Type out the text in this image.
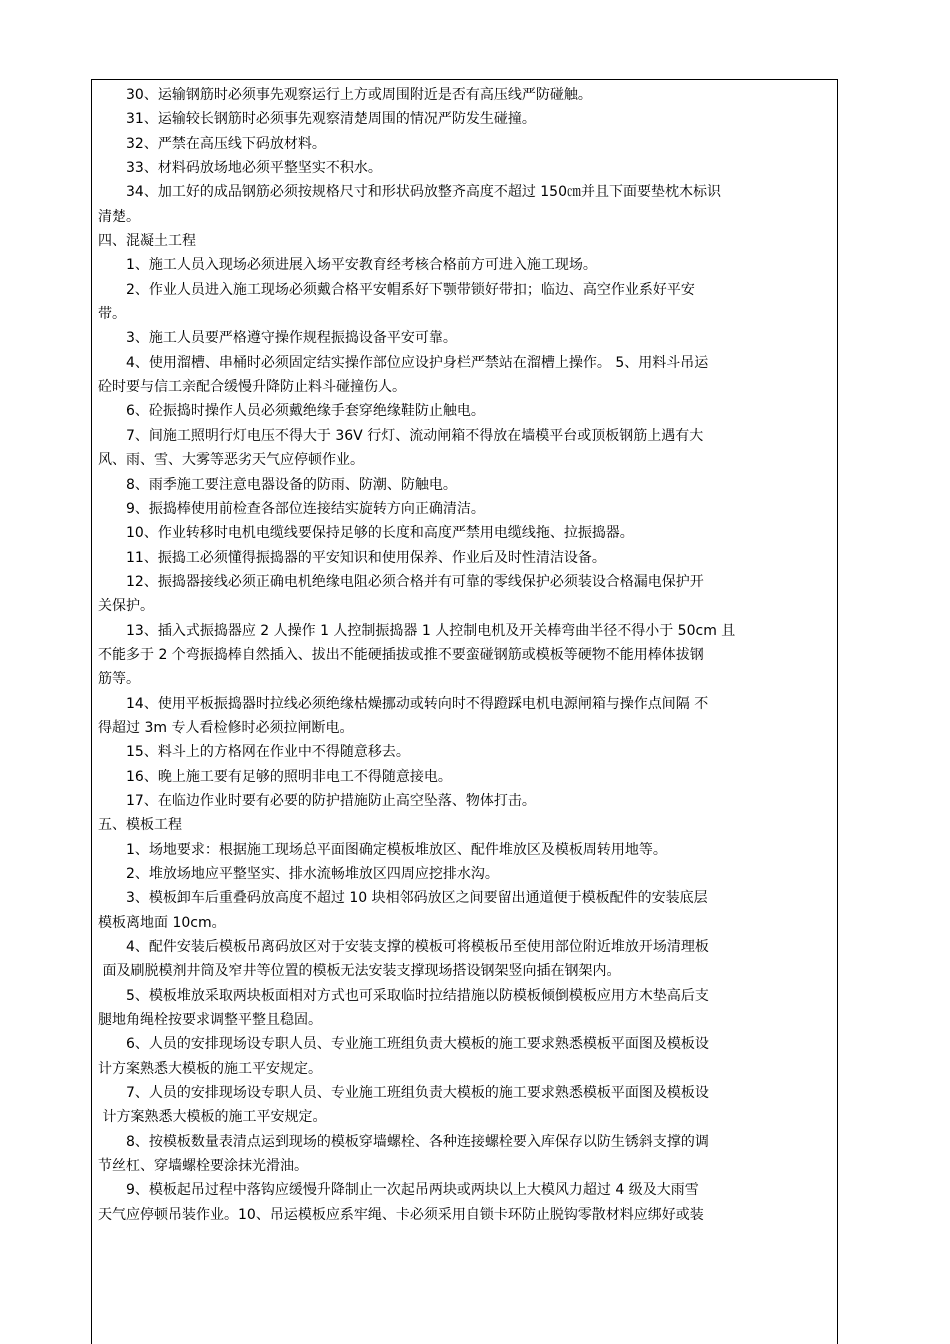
30、运输钢筋时必须事先观察运行上方或周围附近是否有高压线严防碰触。

31、运输较长钢筋时必须事先观察清楚周围的情况严防发生碰撞。

32、严禁在高压线下码放材料。

33、材料码放场地必须平整坚实不积水。

34、加工好的成品钢筋必须按规格尺寸和形状码放整齐高度不超过 150㎝并且下面要垫枕木标识

清楚。

四、混凝土工程

1、施工人员入现场必须进展入场平安教育经考核合格前方可进入施工现场。

2、作业人员进入施工现场必须戴合格平安帽系好下颚带锁好带扣；临边、高空作业系好平安

带。

3、施工人员要严格遵守操作规程振捣设备平安可靠。

4、使用溜槽、串桶时必须固定结实操作部位应设护身栏严禁站在溜槽上操作。 5、用料斗吊运

砼时要与信工亲配合缓慢升降防止料斗碰撞伤人。

6、砼振捣时操作人员必须戴绝缘手套穿绝缘鞋防止触电。

7、间施工照明行灯电压不得大于 36V 行灯、流动闸箱不得放在墙模平台或顶板钢筋上遇有大

风、雨、雪、大雾等恶劣天气应停顿作业。

8、雨季施工要注意电器设备的防雨、防潮、防触电。

9、振捣棒使用前检查各部位连接结实旋转方向正确清洁。

10、作业转移时电机电缆线要保持足够的长度和高度严禁用电缆线拖、拉振捣器。

11、振捣工必须懂得振捣器的平安知识和使用保养、作业后及时性清洁设备。

12、振捣器接线必须正确电机绝缘电阻必须合格并有可靠的零线保护必须装设合格漏电保护开

关保护。

13、插入式振捣器应 2 人操作 1 人控制振捣器 1 人控制电机及开关棒弯曲半径不得小于 50cm 且

不能多于 2 个弯振捣棒自然插入、拔出不能硬插拔或推不要蛮碰钢筋或模板等硬物不能用棒体拔钢

筋等。

14、使用平板振捣器时拉线必须绝缘枯燥挪动或转向时不得蹬踩电机电源闸箱与操作点间隔 不

得超过 3m 专人看检修时必须拉闸断电。

15、料斗上的方格网在作业中不得随意移去。

16、晚上施工要有足够的照明非电工不得随意接电。

17、在临边作业时要有必要的防护措施防止高空坠落、物体打击。

五、模板工程

1、场地要求：根据施工现场总平面图确定模板堆放区、配件堆放区及模板周转用地等。

2、堆放场地应平整坚实、排水流畅堆放区四周应挖排水沟。

3、模板卸车后重叠码放高度不超过 10 块相邻码放区之间要留出通道便于模板配件的安装底层

模板离地面 10cm。

4、配件安装后模板吊离码放区对于安装支撑的模板可将模板吊至使用部位附近堆放开场清理板

面及刷脱模剂井筒及窄井等位置的模板无法安装支撑现场搭设钢架竖向插在钢架内。

5、模板堆放采取两块板面相对方式也可采取临时拉结措施以防模板倾倒模板应用方木垫高后支

腿地角绳栓按要求调整平整且稳固。

6、人员的安排现场设专职人员、专业施工班组负责大模板的施工要求熟悉模板平面图及模板设

计方案熟悉大模板的施工平安规定。

7、人员的安排现场设专职人员、专业施工班组负责大模板的施工要求熟悉模板平面图及模板设

计方案熟悉大模板的施工平安规定。

8、按模板数量表清点运到现场的模板穿墙螺栓、各种连接螺栓要入库保存以防生锈斜支撑的调

节丝杠、穿墙螺栓要涂抹光滑油。

9、模板起吊过程中落钩应缓慢升降制止一次起吊两块或两块以上大模风力超过 4 级及大雨雪

天气应停顿吊装作业。10、吊运模板应系牢绳、卡必须采用自锁卡环防止脱钩零散材料应绑好或装
